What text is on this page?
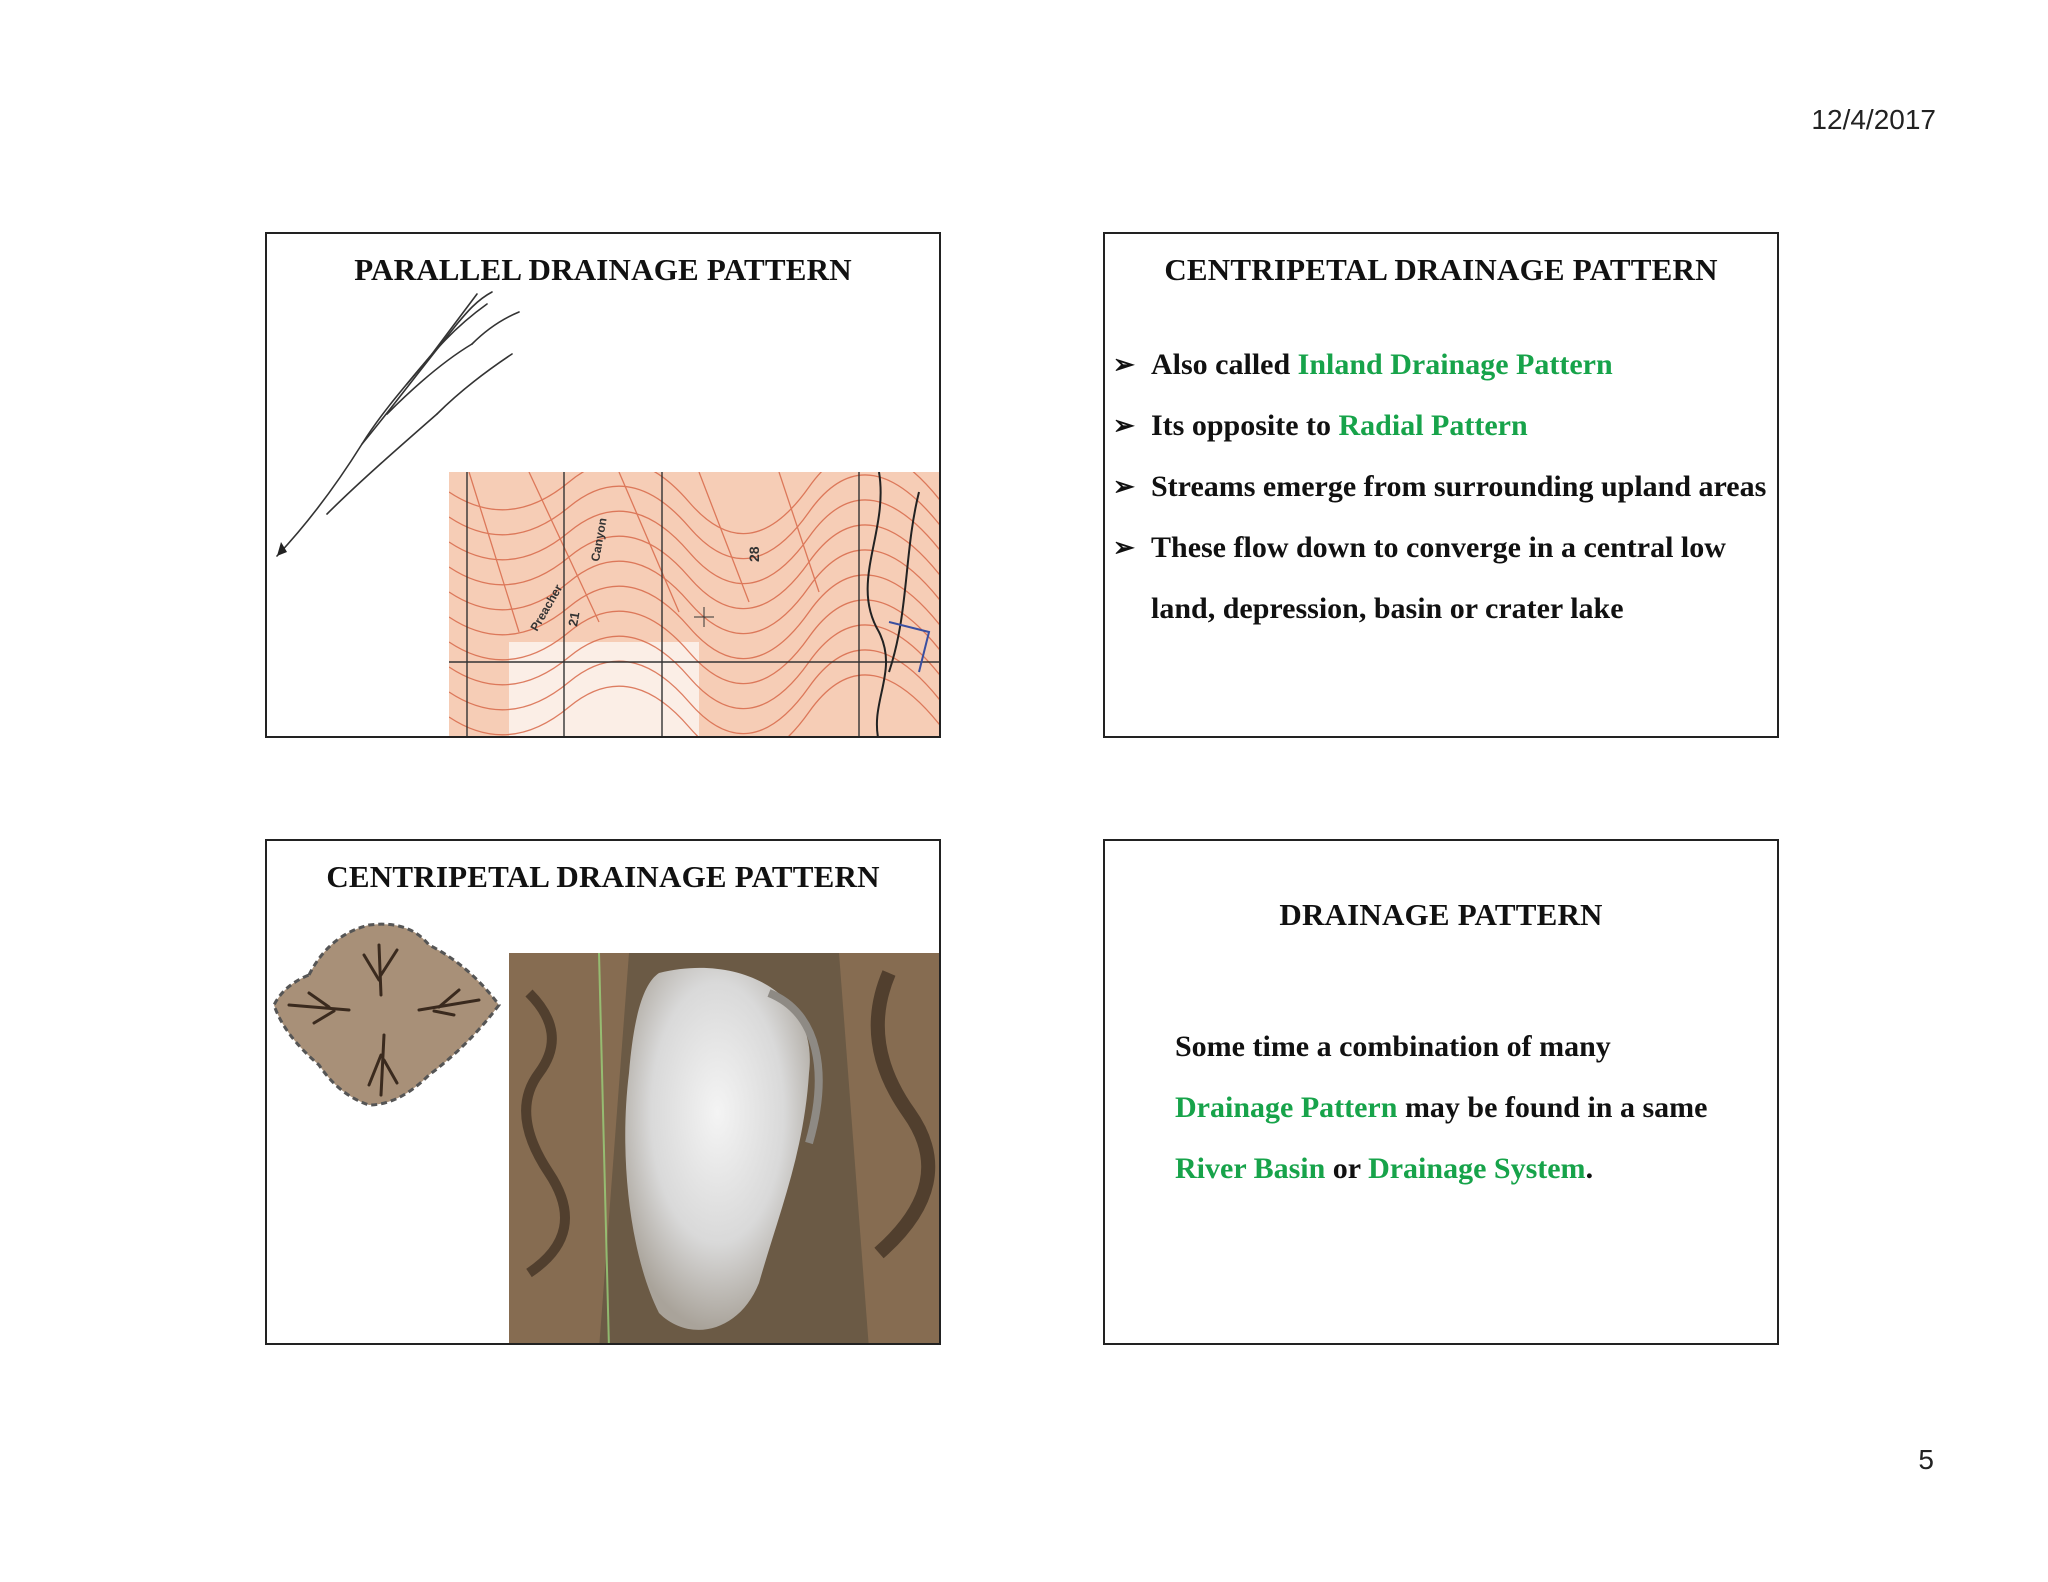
12/4/2017
PARALLEL DRAINAGE PATTERN
21
Canyon
Preacher
28
CENTRIPETAL DRAINAGE PATTERN
➢ Also called Inland Drainage Pattern
➢ Its opposite to Radial Pattern
➢ Streams emerge from surrounding upland areas
➢ These flow down to converge in a central low land, depression, basin or crater lake
CENTRIPETAL DRAINAGE PATTERN
DRAINAGE PATTERN
Some time a combination of many Drainage Pattern may be found in a same River Basin or Drainage System.
5
